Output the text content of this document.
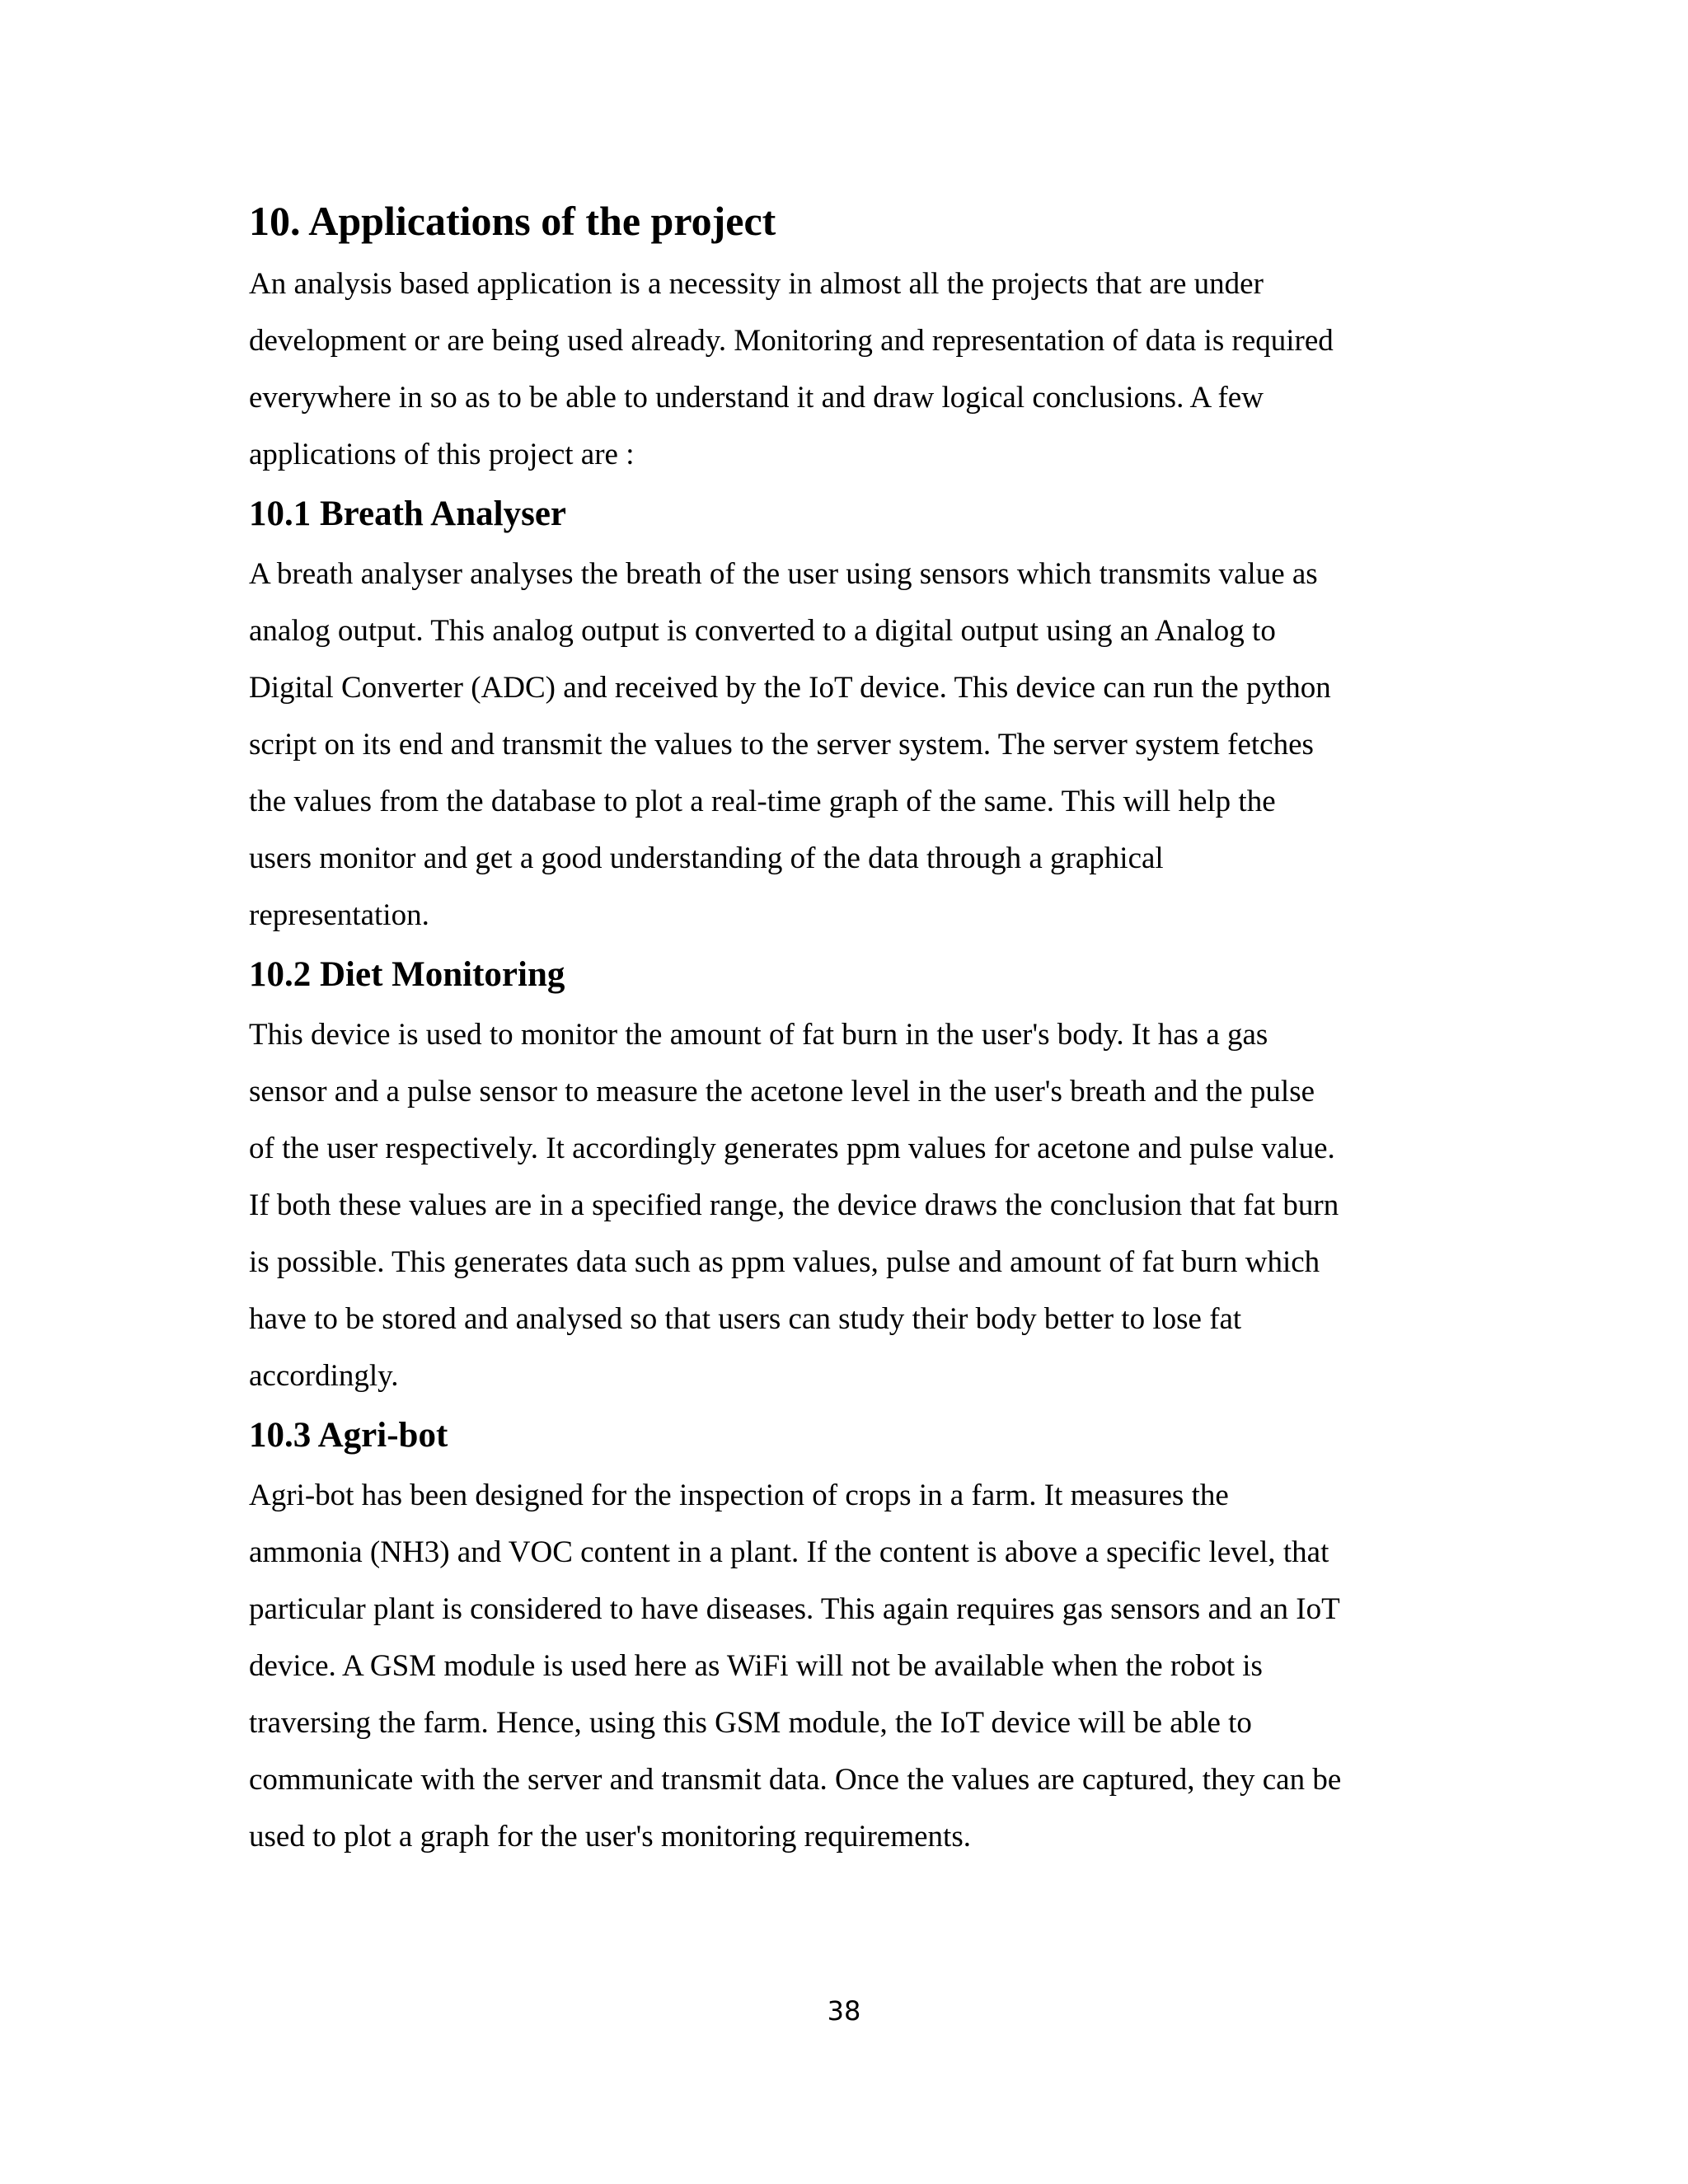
10. Applications of the project
An analysis based application is a necessity in almost all the projects that are under
development or are being used already. Monitoring and representation of data is required
everywhere in so as to be able to understand it and draw logical conclusions. A few
applications of this project are :
10.1 Breath Analyser
A breath analyser analyses the breath of the user using sensors which transmits value as
analog output. This analog output is converted to a digital output using an Analog to
Digital Converter (ADC) and received by the IoT device. This device can run the python
script on its end and transmit the values to the server system. The server system fetches
the values from the database to plot a real-time graph of the same. This will help the
users monitor and get a good understanding of the data through a graphical
representation.
10.2 Diet Monitoring
This device is used to monitor the amount of fat burn in the user's body. It has a gas
sensor and a pulse sensor to measure the acetone level in the user's breath and the pulse
of the user respectively. It accordingly generates ppm values for acetone and pulse value.
If both these values are in a specified range, the device draws the conclusion that fat burn
is possible. This generates data such as ppm values, pulse and amount of fat burn which
have to be stored and analysed so that users can study their body better to lose fat
accordingly.
10.3 Agri-bot
Agri-bot has been designed for the inspection of crops in a farm. It measures the
ammonia (NH3) and VOC content in a plant. If the content is above a specific level, that
particular plant is considered to have diseases. This again requires gas sensors and an IoT
device. A GSM module is used here as WiFi will not be available when the robot is
traversing the farm. Hence, using this GSM module, the IoT device will be able to
communicate with the server and transmit data. Once the values are captured, they can be
used to plot a graph for the user's monitoring requirements.
38
